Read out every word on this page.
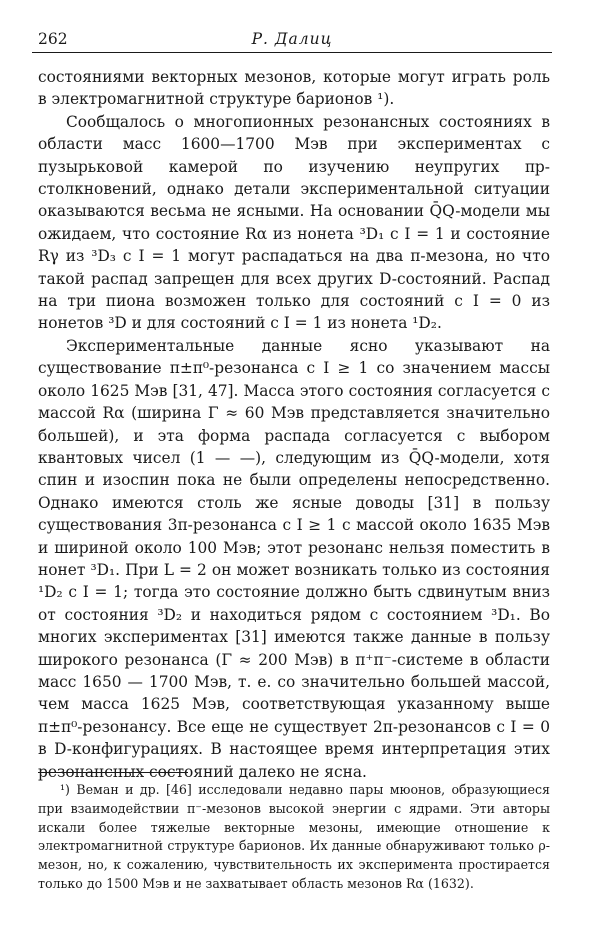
262	Р. Далиц

состояниями векторных мезонов, которые могут играть роль в электромагнитной структуре барионов ¹).

Сообщалось о многопионных резонансных состояниях в области масс 1600—1700 Мэв при экспериментах с пузырьковой камерой по изучению неупругих πp-столкновений, однако детали экспериментальной ситуации оказываются весьма не ясными. На основании Q̄Q-модели мы ожидаем, что состояние Rα из нонета ³D₁ с I = 1 и состояние Rγ из ³D₃ с I = 1 могут распадаться на два π-мезона, но что такой распад запрещен для всех других D-состояний. Распад на три пиона возможен только для состояний с I = 0 из нонетов ³D и для состояний с I = 1 из нонета ¹D₂.

Экспериментальные данные ясно указывают на существование π±π⁰-резонанса с I ≥ 1 со значением массы около 1625 Мэв [31, 47]. Масса этого состояния согласуется с массой Rα (ширина Γ ≈ 60 Мэв представляется значительно большей), и эта форма распада согласуется с выбором квантовых чисел (1 — —), следующим из Q̄Q-модели, хотя спин и изоспин пока не были определены непосредственно. Однако имеются столь же ясные доводы [31] в пользу существования 3π-резонанса с I ≥ 1 с массой около 1635 Мэв и шириной около 100 Мэв; этот резонанс нельзя поместить в нонет ³D₁. При L = 2 он может возникать только из состояния ¹D₂ с I = 1; тогда это состояние должно быть сдвинутым вниз от состояния ³D₂ и находиться рядом с состоянием ³D₁. Во многих экспериментах [31] имеются также данные в пользу широкого резонанса (Γ ≈ 200 Мэв) в π⁺π⁻-системе в области масс 1650 — 1700 Мэв, т. е. со значительно большей массой, чем масса 1625 Мэв, соответствующая указанному выше π±π⁰-резонансу. Все еще не существует 2π-резонансов с I = 0 в D-конфигурациях. В настоящее время интерпретация этих резонансных состояний далеко не ясна.

¹) Веман и др. [46] исследовали недавно пары мюонов, образующиеся при взаимодействии π⁻-мезонов высокой энергии с ядрами. Эти авторы искали более тяжелые векторные мезоны, имеющие отношение к электромагнитной структуре барионов. Их данные обнаруживают только ρ-мезон, но, к сожалению, чувствительность их эксперимента простирается только до 1500 Мэв и не захватывает область мезонов Rα (1632).
